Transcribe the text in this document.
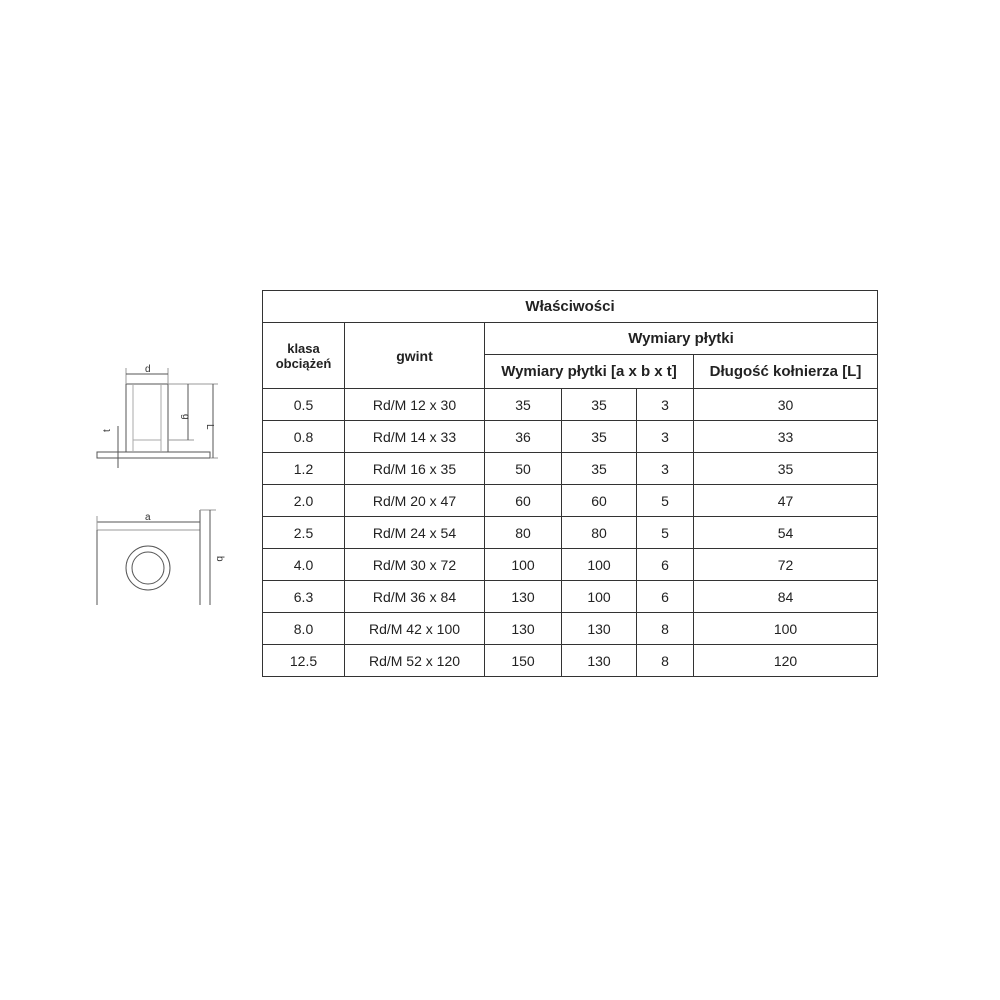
d
g
L
t
a
b
Właściwości					
klasa obciążeń	gwint	Wymiary płytki			
		Wymiary płytki [a x b x t]			Długość kołnierza [L]
0.5	Rd/M 12 x 30	35	35	3	30
0.8	Rd/M 14 x 33	36	35	3	33
1.2	Rd/M 16 x 35	50	35	3	35
2.0	Rd/M 20 x 47	60	60	5	47
2.5	Rd/M 24 x 54	80	80	5	54
4.0	Rd/M 30 x 72	100	100	6	72
6.3	Rd/M 36 x 84	130	100	6	84
8.0	Rd/M 42 x 100	130	130	8	100
12.5	Rd/M 52 x 120	150	130	8	120
